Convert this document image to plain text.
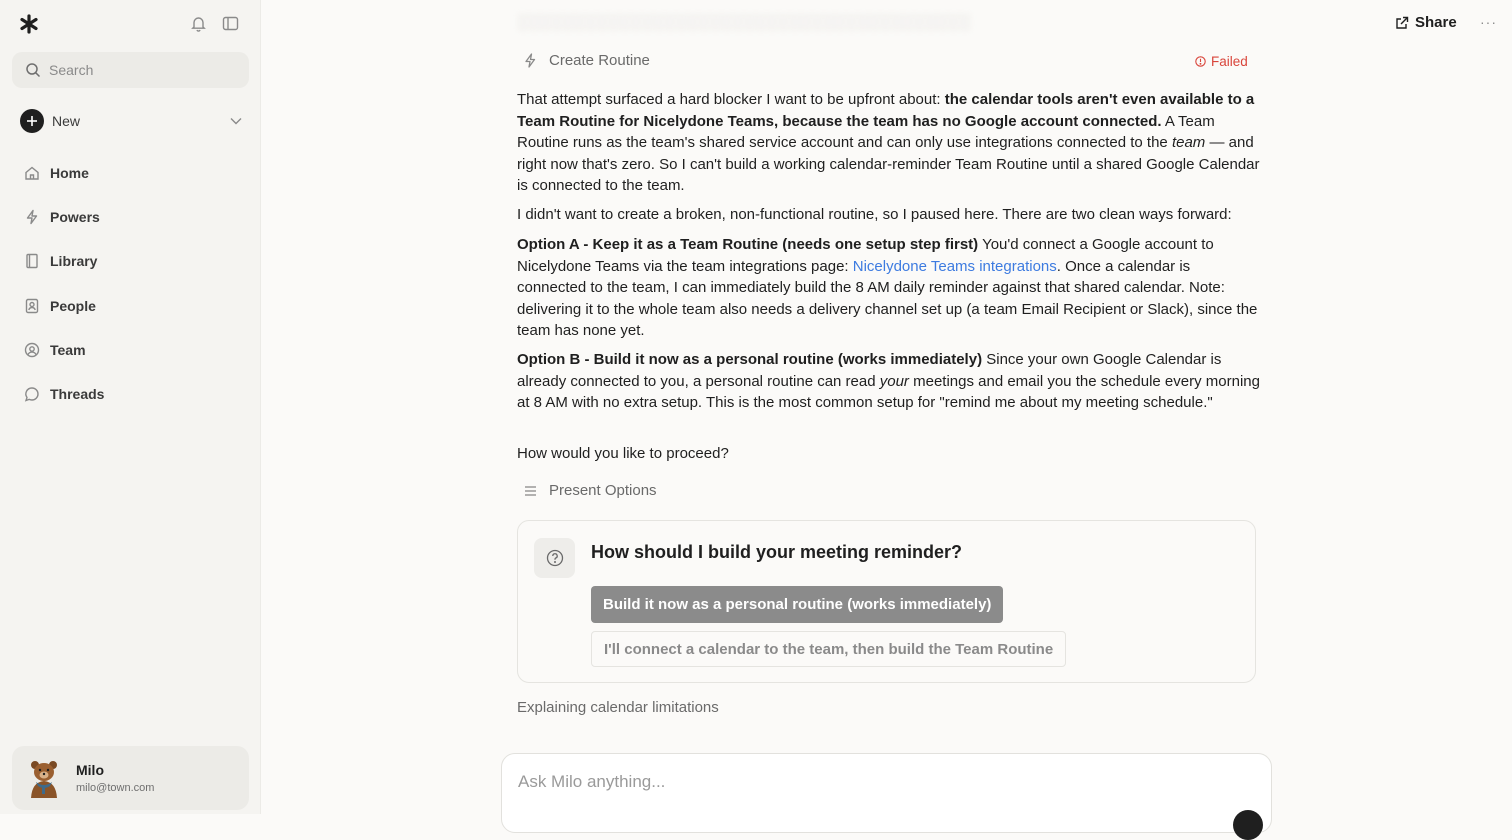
Search
New
Home
Powers
Library
People
Team
Threads
Milo
milo@town.com
░░░░░░░░░░░░░░░░░░░░░░░░░░░░░░░░░░░░░░░░	Share ···
Create Routine	Failed

That attempt surfaced a hard blocker I want to be upfront about: the calendar tools aren't even available to a Team Routine for Nicelydone Teams, because the team has no Google account connected. A Team Routine runs as the team's shared service account and can only use integrations connected to the team — and right now that's zero. So I can't build a working calendar-reminder Team Routine until a shared Google Calendar is connected to the team.

I didn't want to create a broken, non-functional routine, so I paused here. There are two clean ways forward:

Option A - Keep it as a Team Routine (needs one setup step first) You'd connect a Google account to Nicelydone Teams via the team integrations page: Nicelydone Teams integrations. Once a calendar is connected to the team, I can immediately build the 8 AM daily reminder against that shared calendar. Note: delivering it to the whole team also needs a delivery channel set up (a team Email Recipient or Slack), since the team has none yet.

Option B - Build it now as a personal routine (works immediately) Since your own Google Calendar is already connected to you, a personal routine can read your meetings and email you the schedule every morning at 8 AM with no extra setup. This is the most common setup for "remind me about my meeting schedule."

How would you like to proceed?

Present Options
How should I build your meeting reminder?
Build it now as a personal routine (works immediately)
I'll connect a calendar to the team, then build the Team Routine
Explaining calendar limitations
Ask Milo anything...
